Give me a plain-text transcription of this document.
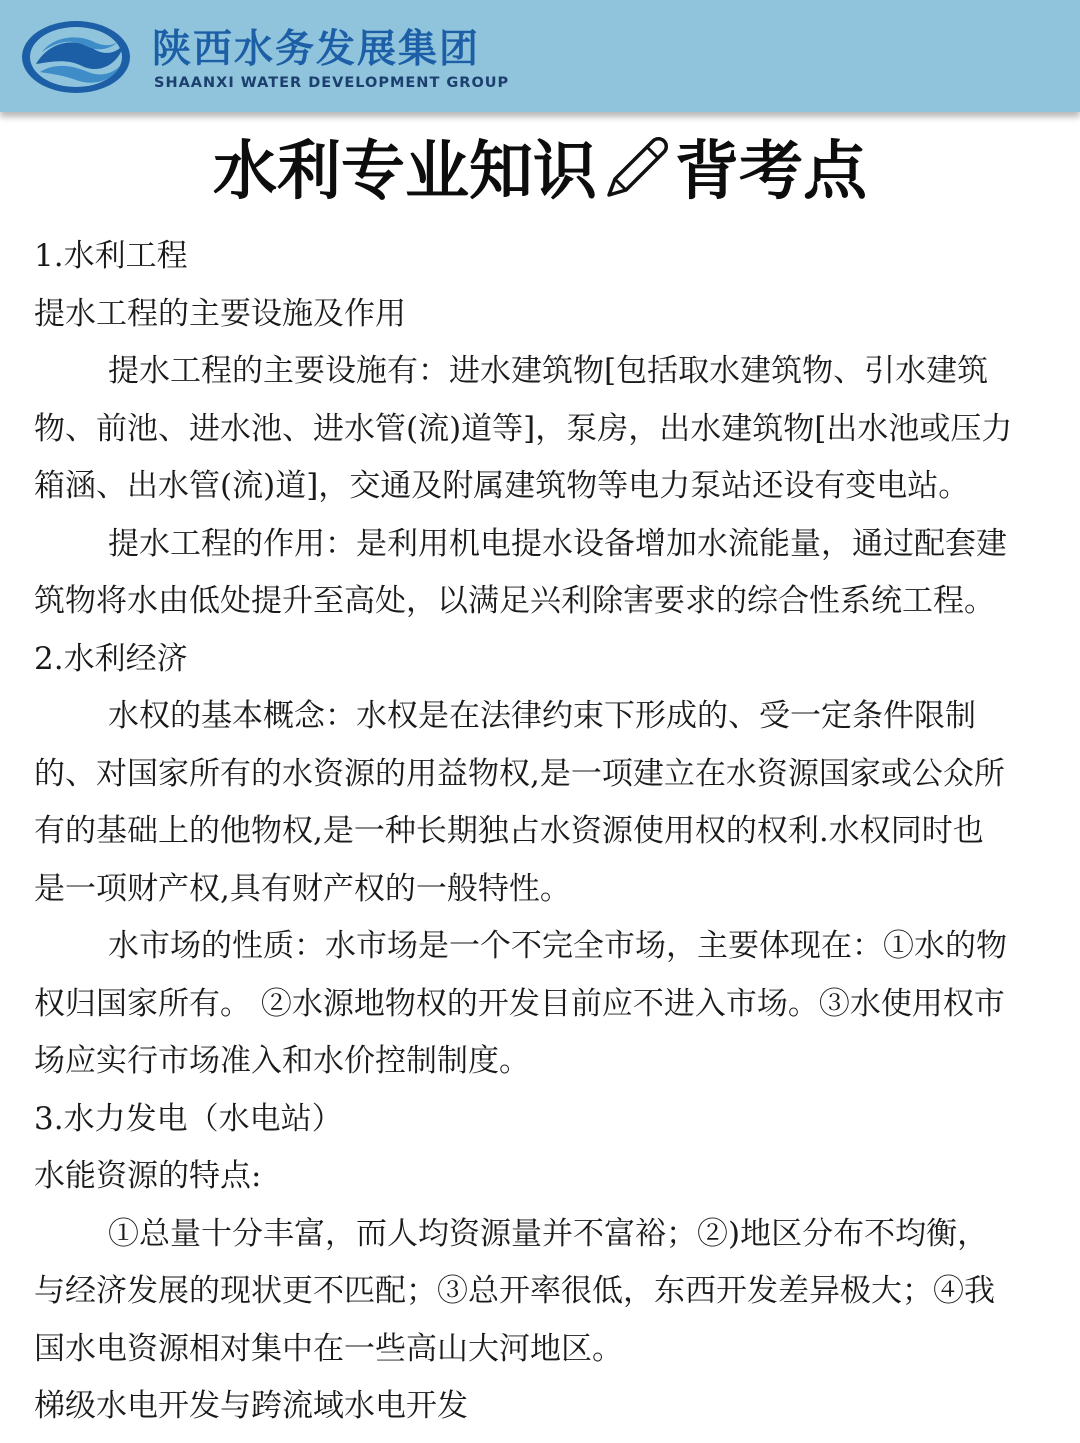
陕西水务发展集团
SHAANXI WATER DEVELOPMENT GROUP
水利专业知识 背考点
1.水利工程
提水工程的主要设施及作用
提水工程的主要设施有：进水建筑物[包括取水建筑物、引水建筑
物、前池、进水池、进水管(流)道等]，泵房，出水建筑物[出水池或压力
箱涵、出水管(流)道]，交通及附属建筑物等电力泵站还设有变电站。
提水工程的作用：是利用机电提水设备增加水流能量，通过配套建
筑物将水由低处提升至高处，以满足兴利除害要求的综合性系统工程。
2.水利经济
水权的基本概念：水权是在法律约束下形成的、受一定条件限制
的、对国家所有的水资源的用益物权,是一项建立在水资源国家或公众所
有的基础上的他物权,是一种长期独占水资源使用权的权利.水权同时也
是一项财产权,具有财产权的一般特性。
水市场的性质：水市场是一个不完全市场，主要体现在：①水的物
权归国家所有。 ②水源地物权的开发目前应不进入市场。③水使用权市
场应实行市场准入和水价控制制度。
3.水力发电（水电站）
水能资源的特点:
①总量十分丰富，而人均资源量并不富裕；②)地区分布不均衡，
与经济发展的现状更不匹配；③总开率很低，东西开发差异极大；④我
国水电资源相对集中在一些高山大河地区。
梯级水电开发与跨流域水电开发
